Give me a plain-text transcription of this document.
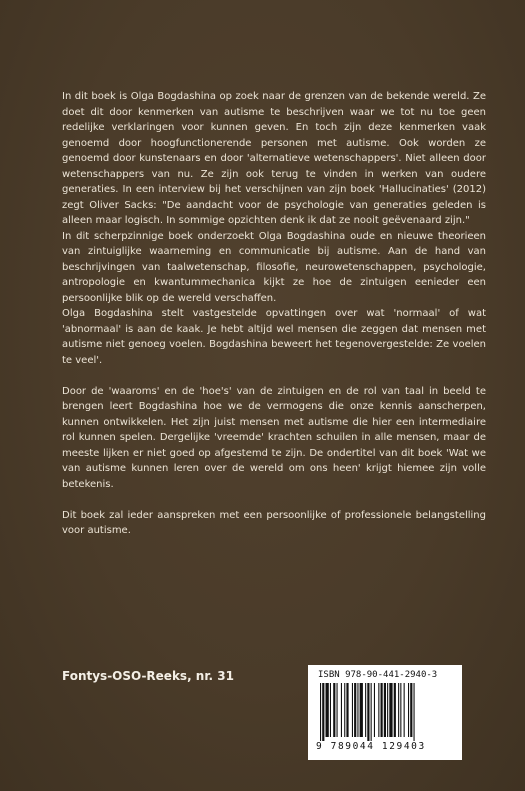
In dit boek is Olga Bogdashina op zoek naar de grenzen van de bekende wereld. Ze doet dit door kenmerken van autisme te beschrijven waar we tot nu toe geen redelijke verklaringen voor kunnen geven. En toch zijn deze kenmerken vaak genoemd door hoogfunctionerende personen met autisme. Ook worden ze genoemd door kunstenaars en door 'alternatieve wetenschappers'. Niet alleen door wetenschappers van nu. Ze zijn ook terug te vinden in werken van oudere generaties. In een interview bij het verschijnen van zijn boek 'Hallucinaties' (2012) zegt Oliver Sacks: "De aandacht voor de psychologie van generaties geleden is alleen maar logisch. In sommige opzichten denk ik dat ze nooit geëvenaard zijn."

In dit scherpzinnige boek onderzoekt Olga Bogdashina oude en nieuwe theorieen van zintuiglijke waarneming en communicatie bij autisme. Aan de hand van beschrijvingen van taalwetenschap, filosofie, neurowetenschappen, psychologie, antropologie en kwantummechanica kijkt ze hoe de zintuigen eenieder een persoonlijke blik op de wereld verschaffen.

Olga Bogdashina stelt vastgestelde opvattingen over wat 'normaal' of wat 'abnormaal' is aan de kaak. Je hebt altijd wel mensen die zeggen dat mensen met autisme niet genoeg voelen. Bogdashina beweert het tegenovergestelde: Ze voelen te veel'.

Door de 'waaroms' en de 'hoe's' van de zintuigen en de rol van taal in beeld te brengen leert Bogdashina hoe we de vermogens die onze kennis aanscherpen, kunnen ontwikkelen. Het zijn juist mensen met autisme die hier een intermediaire rol kunnen spelen. Dergelijke 'vreemde' krachten schuilen in alle mensen, maar de meeste lijken er niet goed op afgestemd te zijn. De ondertitel van dit boek 'Wat we van autisme kunnen leren over de wereld om ons heen' krijgt hiemee zijn volle betekenis.

Dit boek zal ieder aanspreken met een persoonlijke of professionele belangstelling voor autisme.

Fontys-OSO-Reeks, nr. 31	ISBN 978-90-441-2940-3
9 789044 129403
